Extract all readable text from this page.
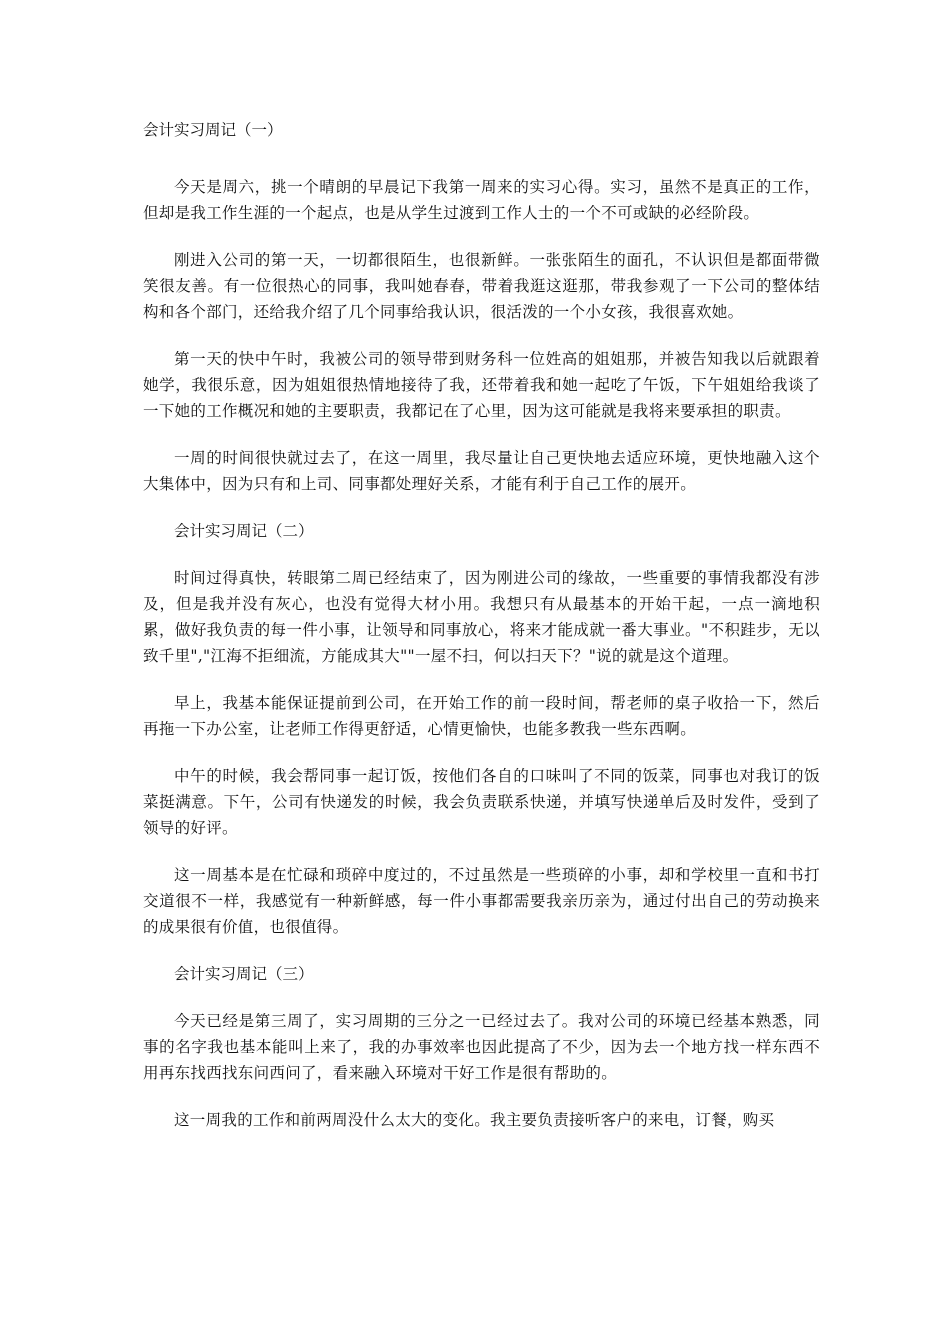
会计实习周记（一）

今天是周六，挑一个晴朗的早晨记下我第一周来的实习心得。实习，虽然不是真正的工作，但却是我工作生涯的一个起点，也是从学生过渡到工作人士的一个不可或缺的必经阶段。

刚进入公司的第一天，一切都很陌生，也很新鲜。一张张陌生的面孔，不认识但是都面带微笑很友善。有一位很热心的同事，我叫她春春，带着我逛这逛那，带我参观了一下公司的整体结构和各个部门，还给我介绍了几个同事给我认识，很活泼的一个小女孩，我很喜欢她。

第一天的快中午时，我被公司的领导带到财务科一位姓高的姐姐那，并被告知我以后就跟着她学，我很乐意，因为姐姐很热情地接待了我，还带着我和她一起吃了午饭，下午姐姐给我谈了一下她的工作概况和她的主要职责，我都记在了心里，因为这可能就是我将来要承担的职责。

一周的时间很快就过去了，在这一周里，我尽量让自己更快地去适应环境，更快地融入这个大集体中，因为只有和上司、同事都处理好关系，才能有利于自己工作的展开。

会计实习周记（二）

时间过得真快，转眼第二周已经结束了，因为刚进公司的缘故，一些重要的事情我都没有涉及，但是我并没有灰心，也没有觉得大材小用。我想只有从最基本的开始干起，一点一滴地积累，做好我负责的每一件小事，让领导和同事放心，将来才能成就一番大事业。"不积跬步，无以致千里","江海不拒细流，方能成其大""一屋不扫，何以扫天下？"说的就是这个道理。

早上，我基本能保证提前到公司，在开始工作的前一段时间，帮老师的桌子收拾一下，然后再拖一下办公室，让老师工作得更舒适，心情更愉快，也能多教我一些东西啊。

中午的时候，我会帮同事一起订饭，按他们各自的口味叫了不同的饭菜，同事也对我订的饭菜挺满意。下午，公司有快递发的时候，我会负责联系快递，并填写快递单后及时发件，受到了领导的好评。

这一周基本是在忙碌和琐碎中度过的，不过虽然是一些琐碎的小事，却和学校里一直和书打交道很不一样，我感觉有一种新鲜感，每一件小事都需要我亲历亲为，通过付出自己的劳动换来的成果很有价值，也很值得。

会计实习周记（三）

今天已经是第三周了，实习周期的三分之一已经过去了。我对公司的环境已经基本熟悉，同事的名字我也基本能叫上来了，我的办事效率也因此提高了不少，因为去一个地方找一样东西不用再东找西找东问西问了，看来融入环境对干好工作是很有帮助的。

这一周我的工作和前两周没什么太大的变化。我主要负责接听客户的来电，订餐，购买
